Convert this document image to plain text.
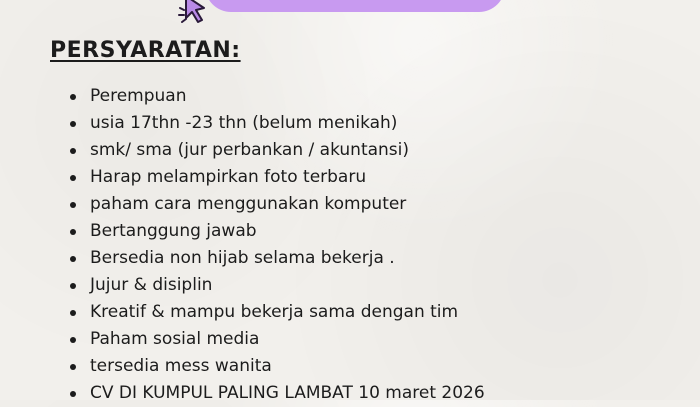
PERSYARATAN:
Perempuan
usia 17thn -23 thn (belum menikah)
smk/ sma (jur perbankan / akuntansi)
Harap melampirkan foto terbaru
paham cara menggunakan komputer
Bertanggung jawab
Bersedia non hijab selama bekerja .
Jujur & disiplin
Kreatif & mampu bekerja sama dengan tim
Paham sosial media
tersedia mess wanita
CV DI KUMPUL PALING LAMBAT 10 maret 2026
